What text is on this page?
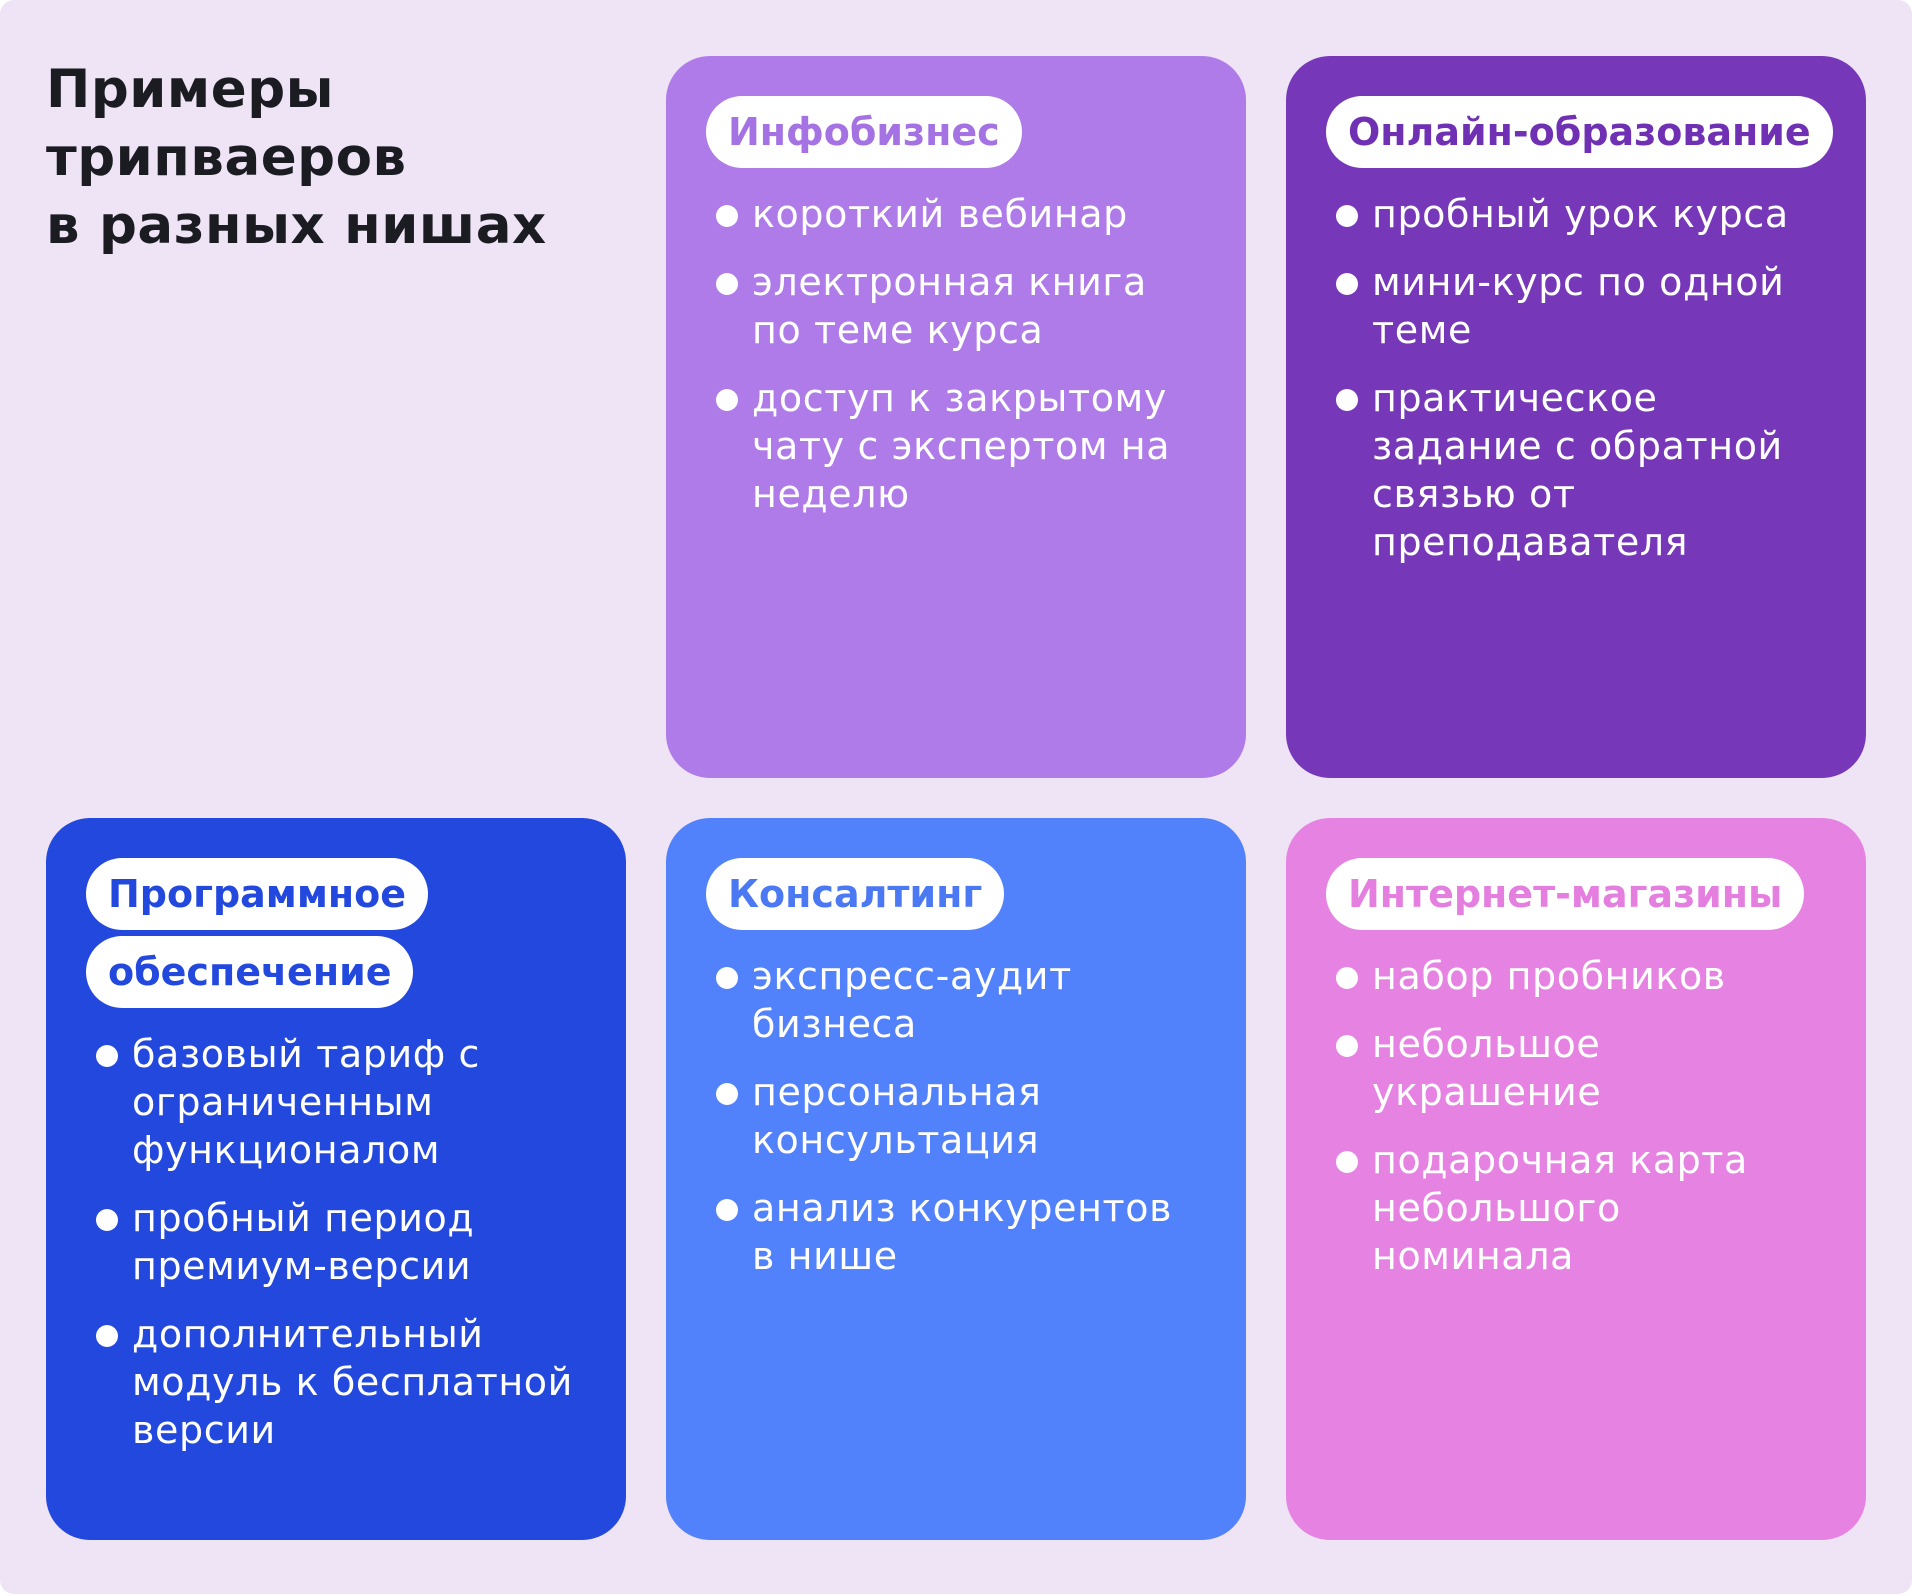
Примеры
трипваеров
в разных нишах
Инфобизнес
короткий вебинар
электронная книга по теме курса
доступ к закрытому чату с экспертом на неделю
Онлайн-образование
пробный урок курса
мини-курс по одной теме
практическое задание с обратной связью от преподавателя
Программное
обеспечение
базовый тариф с ограниченным функционалом
пробный период премиум-версии
дополнительный модуль к бесплатной версии
Консалтинг
экспресс-аудит бизнеса
персональная консультация
анализ конкурентов в нише
Интернет-магазины
набор пробников
небольшое украшение
подарочная карта небольшого номинала
